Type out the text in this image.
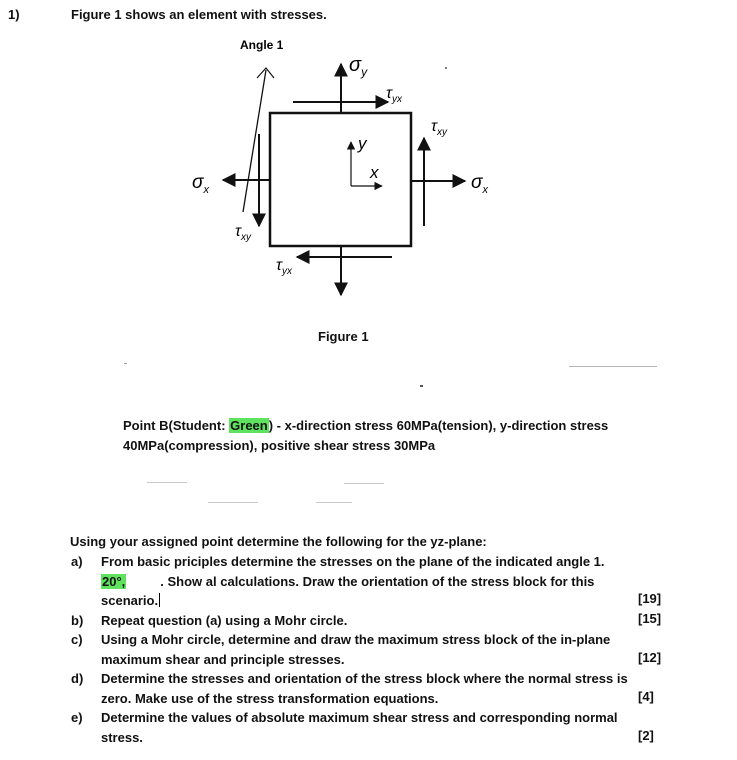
1)	Figure 1 shows an element with stresses.
Angle 1
$\sigma_y$
$\tau_{yx}$
$\tau_{xy}$
$\sigma_x$	$\sigma_x$
$\tau_{xy}$
$\tau_{yx}$
y
x
Figure 1
Point B(Student: Green) - x-direction stress 60MPa(tension), y-direction stress
40MPa(compression), positive shear stress 30MPa
Using your assigned point determine the following for the yz-plane:
a) From basic priciples determine the stresses on the plane of the indicated angle 1.
20°,	. Show al calculations. Draw the orientation of the stress block for this
scenario.	[19]
b) Repeat question (a) using a Mohr circle.	[15]
c) Using a Mohr circle, determine and draw the maximum stress block of the in-plane
maximum shear and principle stresses.	[12]
d) Determine the stresses and orientation of the stress block where the normal stress is
zero. Make use of the stress transformation equations.	[4]
e) Determine the values of absolute maximum shear stress and corresponding normal
stress.	[2]
